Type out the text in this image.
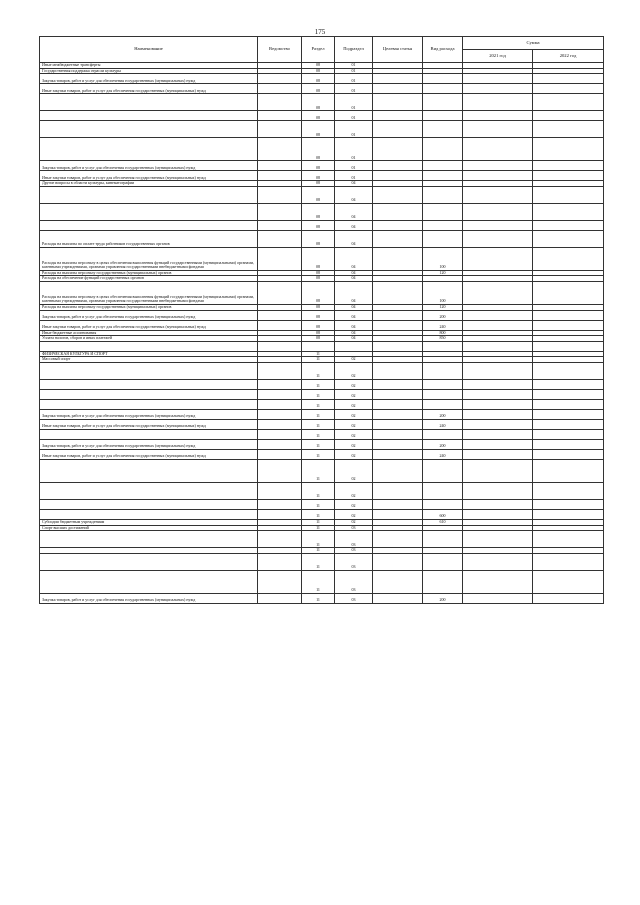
175
Наименование	Ведомство	Раздел	Подраздел	Целевая статья	Вид расхода	Сумма	
						2021 год	2022 год
Иные межбюджетные трансферты		08	01				
Государственная поддержка отрасли культуры		08	01				
Закупка товаров, работ и услуг для обеспечения государственных (муниципальных) нужд		08	01				
Иные закупки товаров, работ и услуг для обеспечения государственных (муниципальных) нужд		08	01				
		08	01				
		08	01				
		08	01				
		08	01				
Закупка товаров, работ и услуг для обеспечения государственных (муниципальных) нужд		08	01				
Иные закупки товаров, работ и услуг для обеспечения государственных (муниципальных) нужд		08	01				
Другие вопросы в области культуры, кинематографии		08	04				
		08	04				
		08	04				
		08	04				
Расходы на выплаты по оплате труда работников государственных органов		08	04				
Расходы на выплаты персоналу в целях обеспечения выполнения функций государственными (муниципальными) органами, казенными учреждениями, органами управления государственными внебюджетными фондами		08	04		100		
Расходы на выплаты персоналу государственных (муниципальных) органов		08	04		120		
Расходы на обеспечение функций государственных органов		08	04				
Расходы на выплаты персоналу в целях обеспечения выполнения функций государственными (муниципальными) органами, казенными учреждениями, органами управления государственными внебюджетными фондами		08	04		100		
Расходы на выплаты персоналу государственных (муниципальных) органов		08	04		120		
Закупка товаров, работ и услуг для обеспечения государственных (муниципальных) нужд		08	04		200		
Иные закупки товаров, работ и услуг для обеспечения государственных (муниципальных) нужд		08	04		240		
Иные бюджетные ассигнования		08	04		800		
Уплата налогов, сборов и иных платежей		08	04		850		

ФИЗИЧЕСКАЯ КУЛЬТУРА И СПОРТ		11					
Массовый спорт		11	02				
		11	02				
		11	02				
		11	02				
		11	02				
Закупка товаров, работ и услуг для обеспечения государственных (муниципальных) нужд		11	02		200		
Иные закупки товаров, работ и услуг для обеспечения государственных (муниципальных) нужд		11	02		240		
		11	02				
Закупка товаров, работ и услуг для обеспечения государственных (муниципальных) нужд		11	02		200		
Иные закупки товаров, работ и услуг для обеспечения государственных (муниципальных) нужд		11	02		240		
		11	02				
		11	02				
		11	02				
		11	02		600		
Субсидии бюджетным учреждениям		11	02		610		
Спорт высших достижений		11	03				
		11	03				
		11	03				
		11	03				
		11	03				
Закупка товаров, работ и услуг для обеспечения государственных (муниципальных) нужд		11	03		200		
